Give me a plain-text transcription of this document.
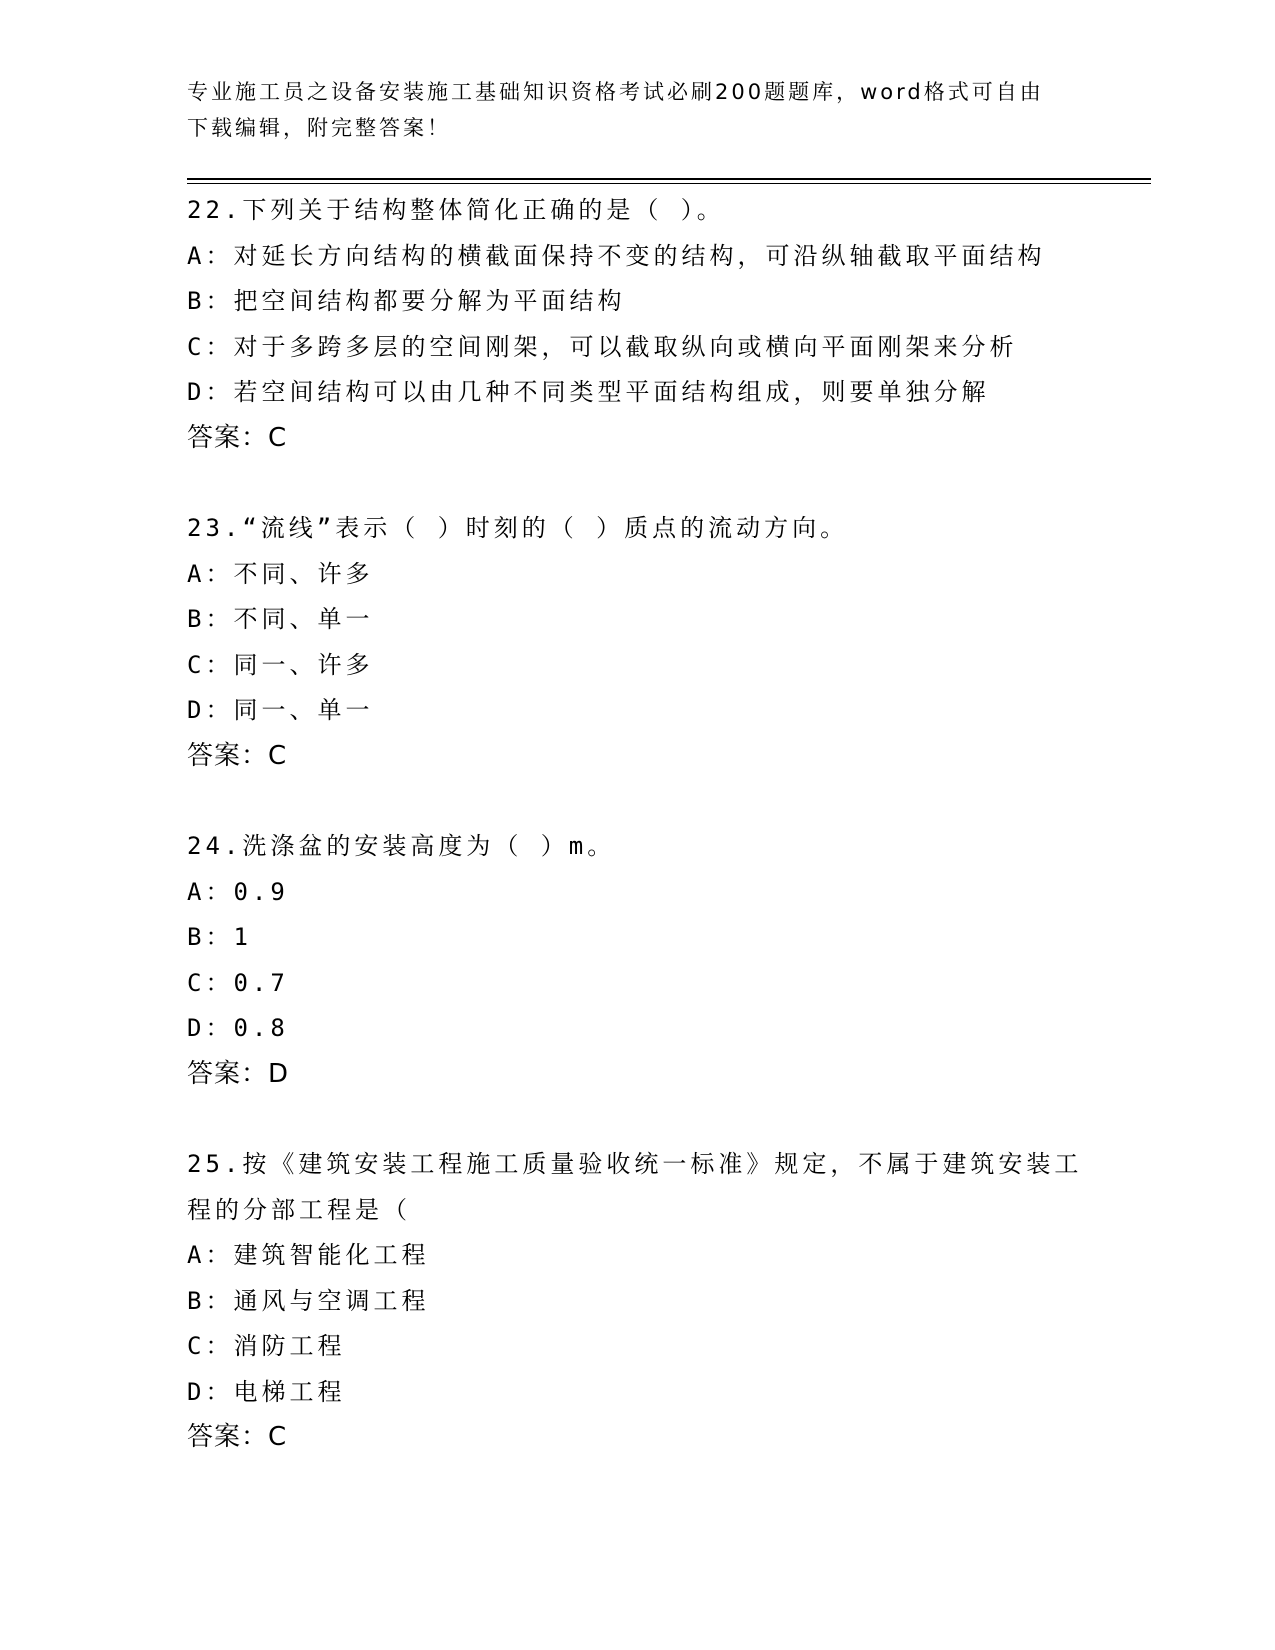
专业施工员之设备安装施工基础知识资格考试必刷200题题库，word格式可自由下载编辑，附完整答案！
22.下列关于结构整体简化正确的是（ ）。
A：对延长方向结构的横截面保持不变的结构，可沿纵轴截取平面结构
B：把空间结构都要分解为平面结构
C：对于多跨多层的空间刚架，可以截取纵向或横向平面刚架来分析
D：若空间结构可以由几种不同类型平面结构组成，则要单独分解
答案：C
23.“流线”表示（ ）时刻的（ ）质点的流动方向。
A：不同、许多
B：不同、单一
C：同一、许多
D：同一、单一
答案：C
24.洗涤盆的安装高度为（ ）m。
A：0.9
B：1
C：0.7
D：0.8
答案：D
25.按《建筑安装工程施工质量验收统一标准》规定，不属于建筑安装工程的分部工程是（
A：建筑智能化工程
B：通风与空调工程
C：消防工程
D：电梯工程
答案：C
